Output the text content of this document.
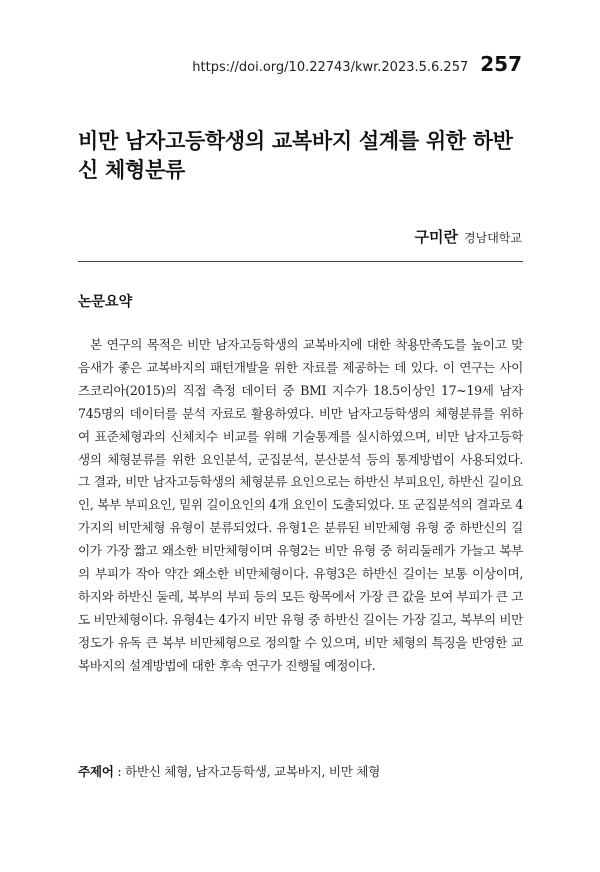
https://doi.org/10.22743/kwr.2023.5.6.257 257
비만 남자고등학생의 교복바지 설계를 위한 하반신 체형분류
구미란 경남대학교
논문요약

본 연구의 목적은 비만 남자고등학생의 교복바지에 대한 착용만족도를 높이고 맞음새가 좋은 교복바지의 패턴개발을 위한 자료를 제공하는 데 있다. 이 연구는 사이즈코리아(2015)의 직접 측정 데이터 중 BMI 지수가 18.5이상인 17~19세 남자 745명의 데이터를 분석 자료로 활용하였다. 비만 남자고등학생의 체형분류를 위하여 표준체형과의 신체치수 비교를 위해 기술통계를 실시하였으며, 비만 남자고등학생의 체형분류를 위한 요인분석, 군집분석, 분산분석 등의 통계방법이 사용되었다. 그 결과, 비만 남자고등학생의 체형분류 요인으로는 하반신 부피요인, 하반신 길이요인, 복부 부피요인, 밑위 길이요인의 4개 요인이 도출되었다. 또 군집분석의 결과로 4가지의 비만체형 유형이 분류되었다. 유형1은 분류된 비만체형 유형 중 하반신의 길이가 가장 짧고 왜소한 비만체형이며 유형2는 비만 유형 중 허리둘레가 가늘고 복부의 부피가 작아 약간 왜소한 비만체형이다. 유형3은 하반신 길이는 보통 이상이며, 하지와 하반신 둘레, 복부의 부피 등의 모든 항목에서 가장 큰 값을 보여 부피가 큰 고도 비만체형이다. 유형4는 4가지 비만 유형 중 하반신 길이는 가장 길고, 복부의 비만 정도가 유독 큰 복부 비만체형으로 정의할 수 있으며, 비만 체형의 특징을 반영한 교복바지의 설계방법에 대한 후속 연구가 진행될 예정이다.

주제어 : 하반신 체형, 남자고등학생, 교복바지, 비만 체형
